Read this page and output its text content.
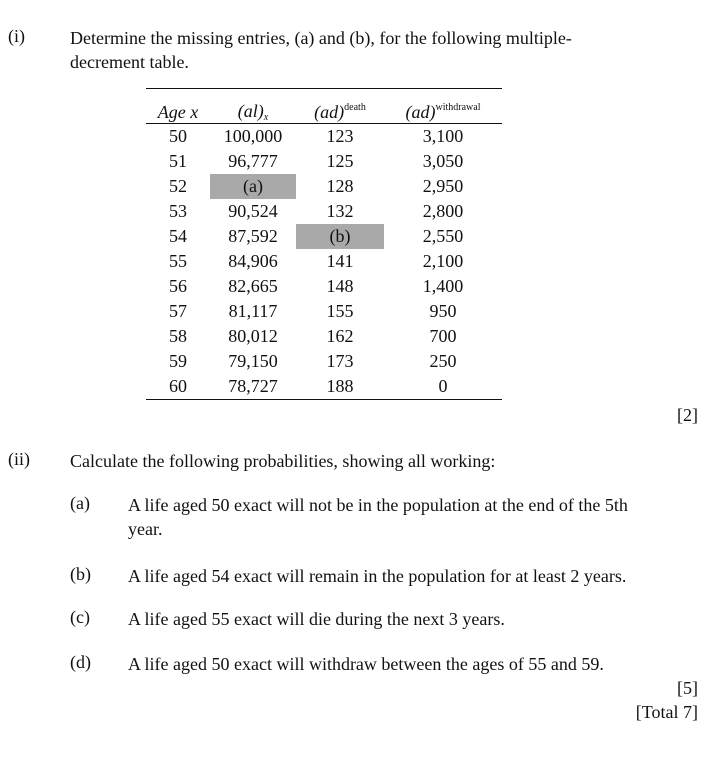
(i)	Determine the missing entries, (a) and (b), for the following multiple-
decrement table.
Age x	$(al)_x$	(ad)$^{death}$	(ad)$^{withdrawal}$
50	100,000	123	3,100
51	96,777	125	3,050
52	(a)	128	2,950
53	90,524	132	2,800
54	87,592	(b)	2,550
55	84,906	141	2,100
56	82,665	148	1,400
57	81,117	155	950
58	80,012	162	700
59	79,150	173	250
60	78,727	188	0
[2]
(ii) Calculate the following probabilities, showing all working:
(a) A life aged 50 exact will not be in the population at the end of the 5th
year.
(b) A life aged 54 exact will remain in the population for at least 2 years.
(c) A life aged 55 exact will die during the next 3 years.
(d) A life aged 50 exact will withdraw between the ages of 55 and 59.
[5]
[Total 7]
